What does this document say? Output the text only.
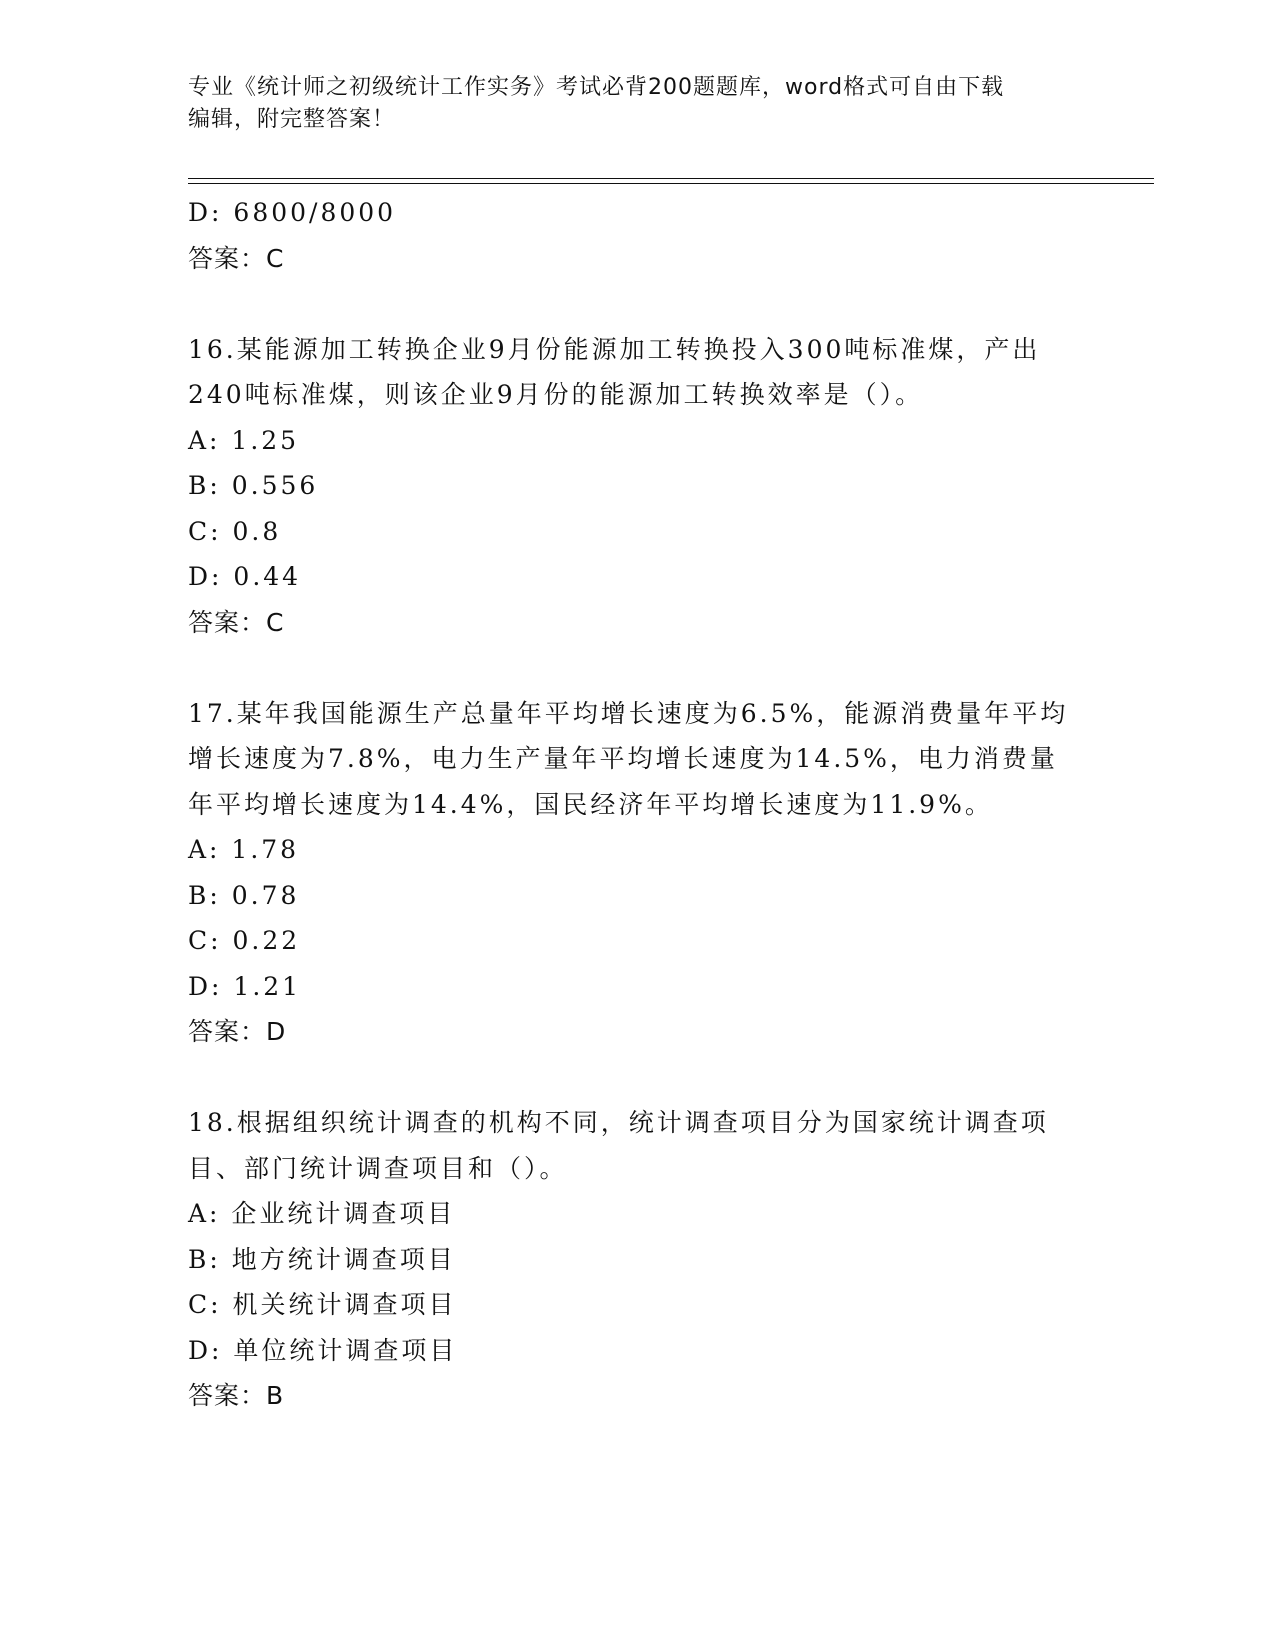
专业《统计师之初级统计工作实务》考试必背200题题库，word格式可自由下载
编辑，附完整答案！
D: 6800/8000
答案：C
16.某能源加工转换企业9月份能源加工转换投入300吨标准煤，产出
240吨标准煤，则该企业9月份的能源加工转换效率是（）。
A: 1.25
B: 0.556
C: 0.8
D: 0.44
答案：C
17.某年我国能源生产总量年平均增长速度为6.5%，能源消费量年平均
增长速度为7.8%，电力生产量年平均增长速度为14.5%，电力消费量
年平均增长速度为14.4%，国民经济年平均增长速度为11.9%。
A: 1.78
B: 0.78
C: 0.22
D: 1.21
答案：D
18.根据组织统计调查的机构不同，统计调查项目分为国家统计调查项
目、部门统计调查项目和（）。
A: 企业统计调查项目
B: 地方统计调查项目
C: 机关统计调查项目
D: 单位统计调查项目
答案：B
